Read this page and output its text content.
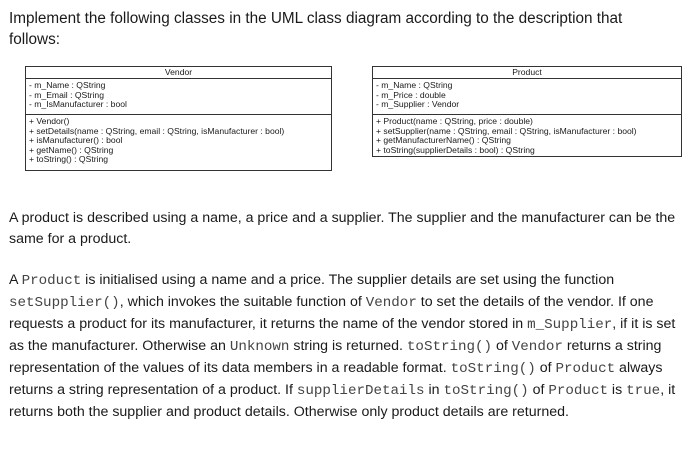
Implement the following classes in the UML class diagram according to the description that follows:

Vendor
- m_Name : QString
- m_Email : QString
- m_IsManufacturer : bool
+ Vendor()
+ setDetails(name : QString, email : QString, isManufacturer : bool)
+ isManufacturer() : bool
+ getName() : QString
+ toString() : QString
Product
- m_Name : QString
- m_Price : double
- m_Supplier : Vendor
+ Product(name : QString, price : double)
+ setSupplier(name : QString, email : QString, isManufacturer : bool)
+ getManufacturerName() : QString
+ toString(supplierDetails : bool) : QString

A product is described using a name, a price and a supplier. The supplier and the manufacturer can be the same for a product.

A Product is initialised using a name and a price. The supplier details are set using the function setSupplier(), which invokes the suitable function of Vendor to set the details of the vendor. If one requests a product for its manufacturer, it returns the name of the vendor stored in m_Supplier, if it is set as the manufacturer. Otherwise an Unknown string is returned. toString() of Vendor returns a string representation of the values of its data members in a readable format. toString() of Product always returns a string representation of a product. If supplierDetails in toString() of Product is true, it returns both the supplier and product details. Otherwise only product details are returned.
